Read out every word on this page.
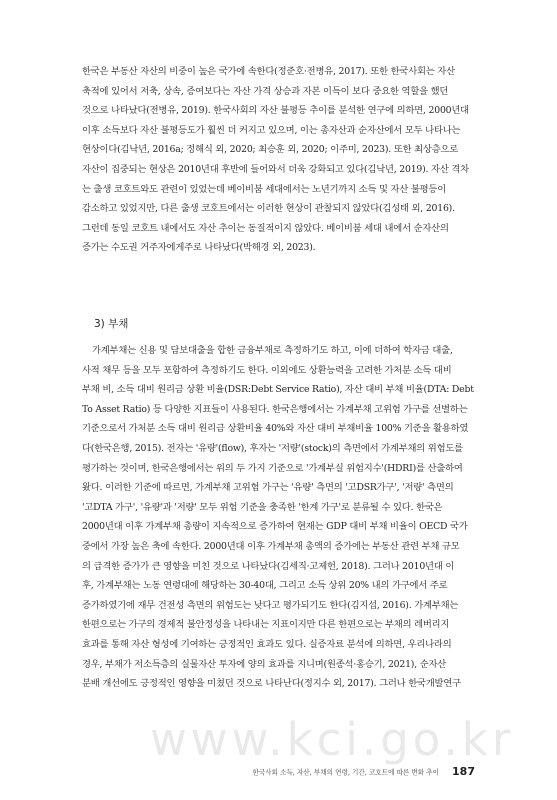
한국은 부동산 자산의 비중이 높은 국가에 속한다(정준호·전병유, 2017). 또한 한국사회는 자산
축적에 있어서 저축, 상속, 증여보다는 자산 가격 상승과 자본 이득이 보다 중요한 역할을 했던
것으로 나타났다(전병유, 2019). 한국사회의 자산 불평등 추이를 분석한 연구에 의하면, 2000년대
이후 소득보다 자산 불평등도가 훨씬 더 커지고 있으며, 이는 총자산과 순자산에서 모두 나타나는
현상이다(김낙년, 2016a; 정해식 외, 2020; 최승훈 외, 2020; 이주미, 2023). 또한 최상층으로
자산이 집중되는 현상은 2010년대 후반에 들어와서 더욱 강화되고 있다(김낙년, 2019). 자산 격차
는 출생 코호트와도 관련이 있었는데 베이비붐 세대에서는 노년기까지 소득 및 자산 불평등이
감소하고 있었지만, 다른 출생 코호트에서는 이러한 현상이 관찰되지 않았다(김성태 외, 2016).
그런데 동일 코호트 내에서도 자산 추이는 동질적이지 않았다. 베이비붐 세대 내에서 순자산의
증가는 수도권 거주자에게주로 나타났다(박해경 외, 2023).
3) 부채
가계부채는 신용 및 담보대출을 합한 금융부채로 측정하기도 하고, 이에 더하여 학자금 대출,
사적 채무 등을 모두 포함하여 측정하기도 한다. 이외에도 상환능력을 고려한 가처분 소득 대비
부채 비, 소득 대비 원리금 상환 비율(DSR:Debt Service Ratio), 자산 대비 부채 비율(DTA: Debt
To Asset Ratio) 등 다양한 지표들이 사용된다. 한국은행에서는 가계부채 고위험 가구를 선별하는
기준으로서 가처분 소득 대비 원리금 상환비율 40%와 자산 대비 부채비율 100% 기준을 활용하였
다(한국은행, 2015). 전자는 '유량'(flow), 후자는 '저량'(stock)의 측면에서 가계부채의 위험도를
평가하는 것이며, 한국은행에서는 위의 두 가지 기준으로 '가계부실 위험지수'(HDRI)를 산출하여
왔다. 이러한 기준에 따르면, 가계부채 고위험 가구는 '유량' 측면의 '고DSR가구', '저량' 측면의
'고DTA 가구', '유량'과 '저량' 모두 위험 기준을 충족한 '한계 가구'로 분류될 수 있다. 한국은
2000년대 이후 가계부채 총량이 지속적으로 증가하여 현재는 GDP 대비 부채 비율이 OECD 국가
중에서 가장 높은 축에 속한다. 2000년대 이후 가계부채 총액의 증가에는 부동산 관련 부채 규모
의 급격한 증가가 큰 영향을 미친 것으로 나타났다(김세직·고제헌, 2018). 그러나 2010년대 이
후, 가계부채는 노동 연령대에 해당하는 30-40대, 그리고 소득 상위 20% 내의 가구에서 주로
증가하였기에 재무 건전성 측면의 위험도는 낮다고 평가되기도 한다(김지섭, 2016). 가계부채는
한편으로는 가구의 경제적 불안정성을 나타내는 지표이지만 다른 한편으로는 부채의 레버리지
효과를 통해 자산 형성에 기여하는 긍정적인 효과도 있다. 실증자료 분석에 의하면, 우리나라의
경우, 부채가 저소득층의 실물자산 투자에 양의 효과를 지니며(원종석·홍승기, 2021), 순자산
분배 개선에도 긍정적인 영향을 미쳤던 것으로 나타난다(정지수 외, 2017). 그러나 한국개발연구
www.kci.go.kr
한국사회 소득, 자산, 부채의 연령, 기간, 코호트에 따른 변화 추이 187
